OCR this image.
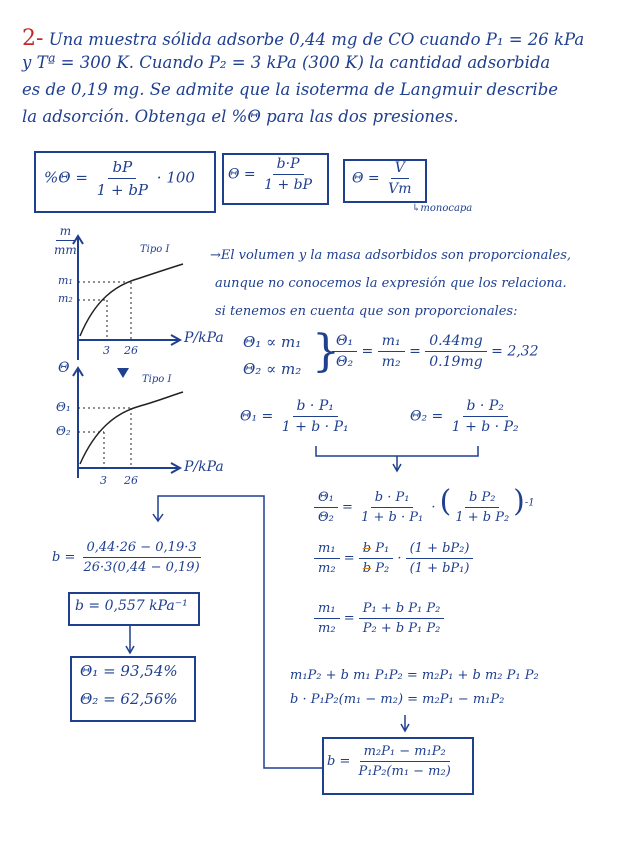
2- Una muestra sólida adsorbe 0,44 mg de CO cuando P₁ = 26 kPa
y Tª = 300 K. Cuando P₂ = 3 kPa (300 K) la cantidad adsorbida
es de 0,19 mg. Se admite que la isoterma de Langmuir describe
la adsorción. Obtenga el %Θ para las dos presiones.
$\%\Theta = \frac{bP}{1 + bP} \cdot 100$ $\Theta = \frac{b\cdot P}{1 + bP}$	$\Theta = \frac{V}{Vm}$
↳monocapa
$\frac{m}{mm}$	Tipo I
m₁
m₂
3 26
P/kPa
Θ
Tipo I
Θ₁
Θ₂
3 26
P/kPa
→El volumen y la masa adsorbidos son proporcionales,
aunque no conocemos la expresión que los relaciona.
si tenemos en cuenta que son proporcionales:
Θ₁ ∝ m₁
Θ₂ ∝ m₂ }
$\frac{\text{Θ₁}}{\text{Θ₂}} = \frac{\text{m₁}}{\text{m₂}} = \frac{0.44mg}{0.19mg} = 2,32$
$\Theta_1 = \frac{\text{b · P₁}}{\text{1 + b · P₁}}$	$\Theta_2 = \frac{\text{b · P₂}}{\text{1 + b · P₂}}$
$\frac{\text{Θ₁}}{\text{Θ₂}} = \frac{\text{b · P₁}}{\text{1 + b · P₁}}$ · ( $\frac{\text{b P₂}}{\text{1 + b P₂}} )^{-1}$
$\frac{\text{m₁}}{\text{m₂}} = \frac{\text{b P₁}}{\text{b P₂}} \cdot \frac{\text{(1 + bP₂)}}{\text{(1 + bP₁)}}$
$\frac{\text{m₁}}{\text{m₂}} = \frac{\text{P₁ + b P₁ P₂}}{\text{P₂ + b P₁ P₂}}$
m₁P₂ + b m₁ P₁P₂ = m₂P₁ + b m₂ P₁ P₂
b · P₁P₂(m₁ − m₂) = m₂P₁ − m₁P₂
$b = \frac{\text{m₂P₁ − m₁P₂}}{\text{P₁P₂(m₁ − m₂)}}$
$b = \frac{0,44\cdot 26 - 0,19\cdot 3}{26\cdot 3(0,44 - 0,19)}$
b = 0,557 kPa⁻¹
Θ₁ = 93,54%
Θ₂ = 62,56%
